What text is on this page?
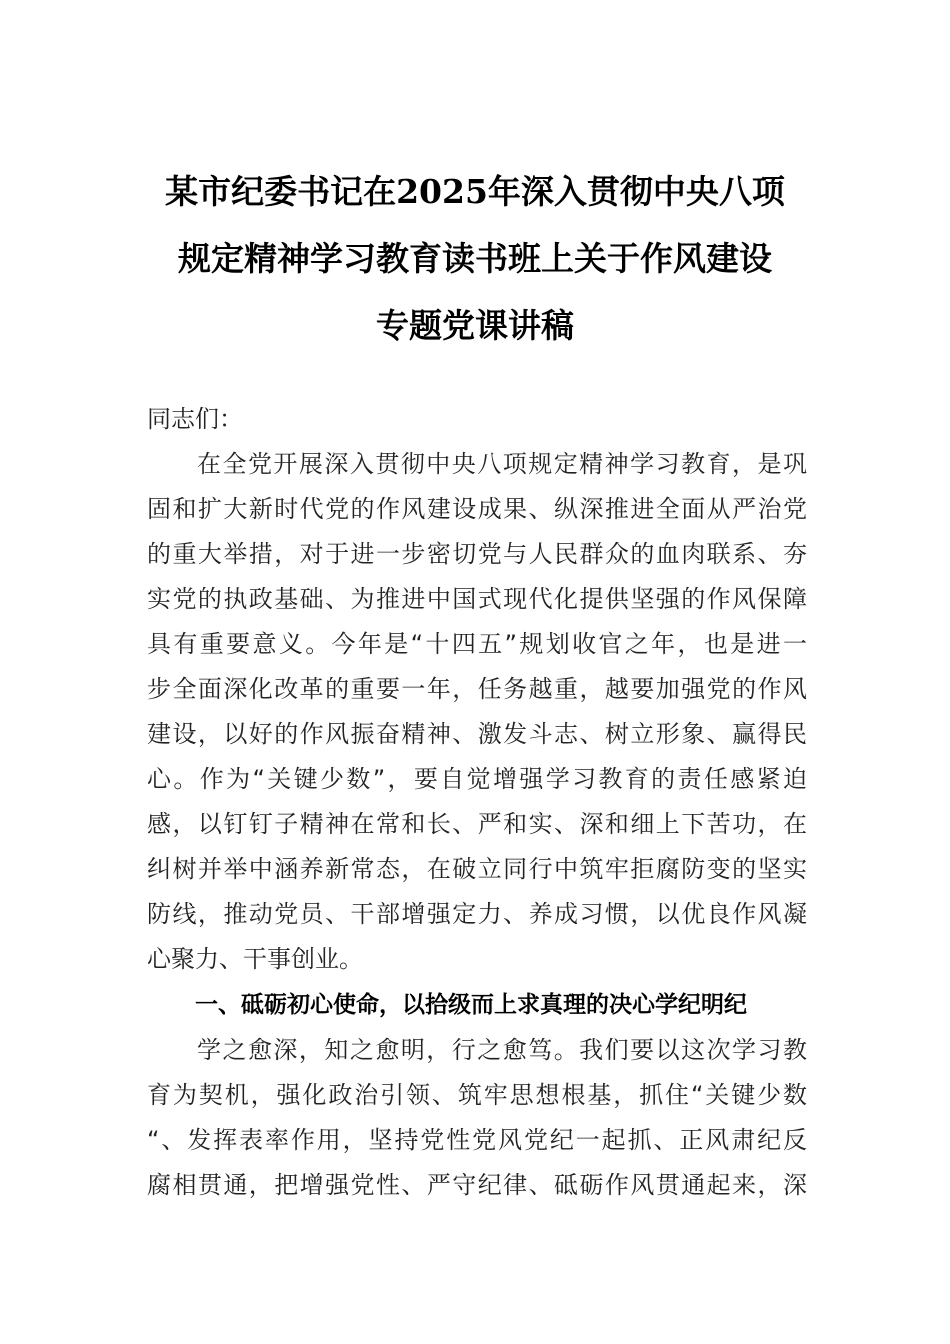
某市纪委书记在2025年深入贯彻中央八项
规定精神学习教育读书班上关于作风建设
专题党课讲稿
同志们：
在全党开展深入贯彻中央八项规定精神学习教育，是巩
固和扩大新时代党的作风建设成果、纵深推进全面从严治党
的重大举措，对于进一步密切党与人民群众的血肉联系、夯
实党的执政基础、为推进中国式现代化提供坚强的作风保障
具有重要意义。今年是“十四五”规划收官之年，也是进一
步全面深化改革的重要一年，任务越重，越要加强党的作风
建设，以好的作风振奋精神、激发斗志、树立形象、赢得民
心。作为“关键少数”，要自觉增强学习教育的责任感紧迫
感，以钉钉子精神在常和长、严和实、深和细上下苦功，在
纠树并举中涵养新常态，在破立同行中筑牢拒腐防变的坚实
防线，推动党员、干部增强定力、养成习惯，以优良作风凝
心聚力、干事创业。
一、砥砺初心使命，以拾级而上求真理的决心学纪明纪
学之愈深，知之愈明，行之愈笃。我们要以这次学习教
育为契机，强化政治引领、筑牢思想根基，抓住“关键少数
“、发挥表率作用，坚持党性党风党纪一起抓、正风肃纪反
腐相贯通，把增强党性、严守纪律、砥砺作风贯通起来，深
